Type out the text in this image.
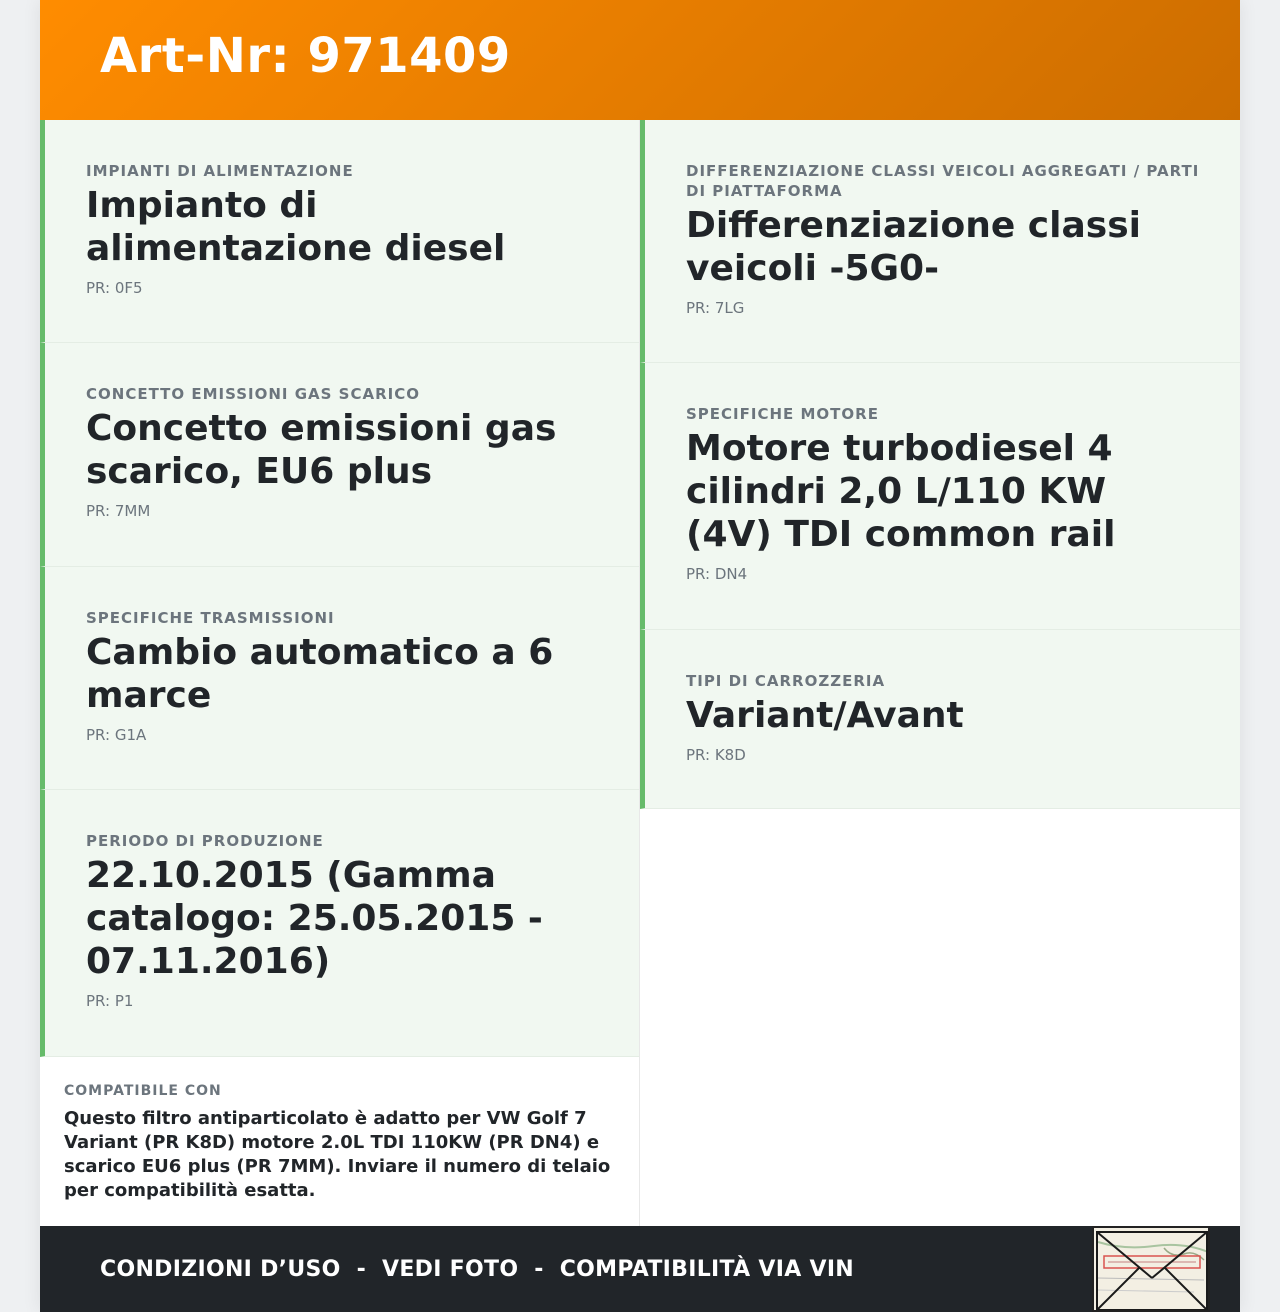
Art-Nr: 971409
IMPIANTI DI ALIMENTAZIONE
Impianto di alimentazione diesel
PR: 0F5
CONCETTO EMISSIONI GAS SCARICO
Concetto emissioni gas scarico, EU6 plus
PR: 7MM
SPECIFICHE TRASMISSIONI
Cambio automatico a 6 marce
PR: G1A
PERIODO DI PRODUZIONE
22.10.2015 (Gamma catalogo: 25.05.2015 - 07.11.2016)
PR: P1
COMPATIBILE CON
Questo filtro antiparticolato è adatto per VW Golf 7 Variant (PR K8D) motore 2.0L TDI 110KW (PR DN4) e scarico EU6 plus (PR 7MM). Inviare il numero di telaio per compatibilità esatta.
DIFFERENZIAZIONE CLASSI VEICOLI AGGREGATI / PARTI DI PIATTAFORMA
Differenziazione classi veicoli -5G0-
PR: 7LG
SPECIFICHE MOTORE
Motore turbodiesel 4 cilindri 2,0 L/110 KW (4V) TDI common rail
PR: DN4
TIPI DI CARROZZERIA
Variant/Avant
PR: K8D
CONDIZIONI D’USO - VEDI FOTO - COMPATIBILITÀ VIA VIN
